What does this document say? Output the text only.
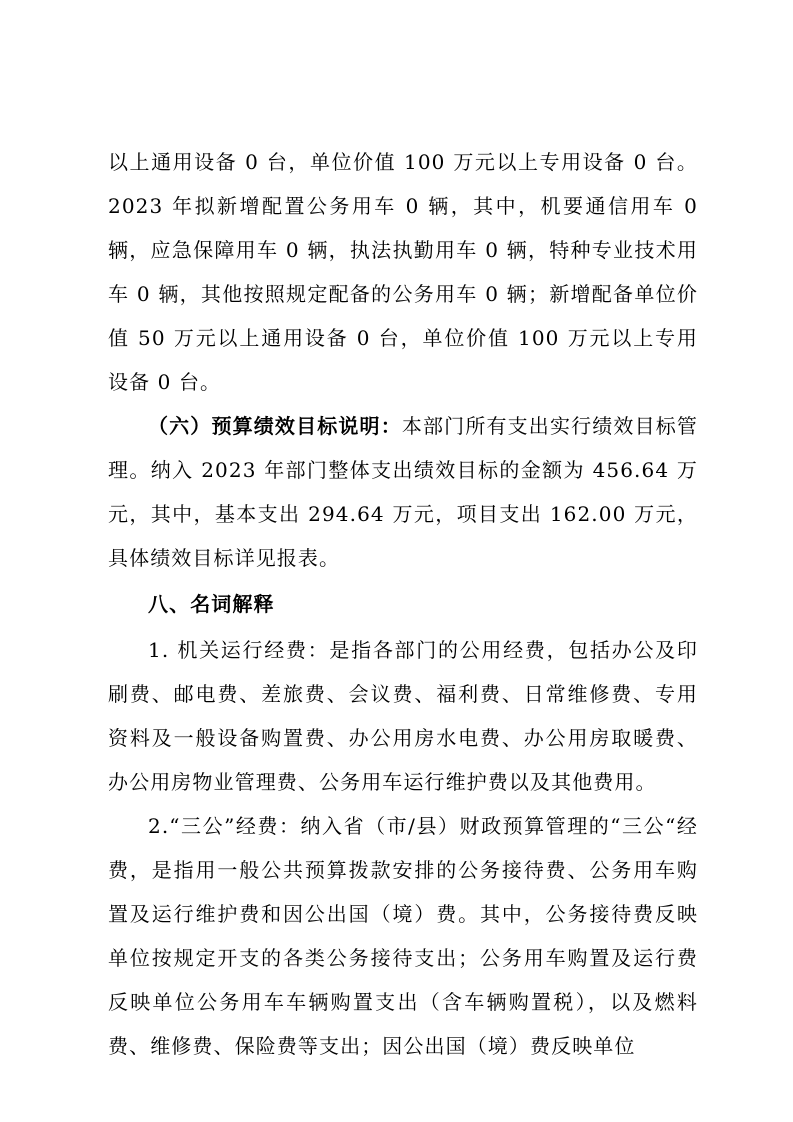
以上通用设备 0 台，单位价值 100 万元以上专用设备 0 台。2023 年拟新增配置公务用车 0 辆，其中，机要通信用车 0 辆，应急保障用车 0 辆，执法执勤用车 0 辆，特种专业技术用车 0 辆，其他按照规定配备的公务用车 0 辆；新增配备单位价值 50 万元以上通用设备 0 台，单位价值 100 万元以上专用设备 0 台。

（六）预算绩效目标说明：本部门所有支出实行绩效目标管理。纳入 2023 年部门整体支出绩效目标的金额为 456.64 万元，其中，基本支出 294.64 万元，项目支出 162.00 万元，具体绩效目标详见报表。

八、名词解释

1. 机关运行经费：是指各部门的公用经费，包括办公及印刷费、邮电费、差旅费、会议费、福利费、日常维修费、专用资料及一般设备购置费、办公用房水电费、办公用房取暖费、办公用房物业管理费、公务用车运行维护费以及其他费用。

2.“三公”经费：纳入省（市/县）财政预算管理的“三公“经费，是指用一般公共预算拨款安排的公务接待费、公务用车购置及运行维护费和因公出国（境）费。其中，公务接待费反映单位按规定开支的各类公务接待支出；公务用车购置及运行费反映单位公务用车车辆购置支出（含车辆购置税），以及燃料费、维修费、保险费等支出；因公出国（境）费反映单位
